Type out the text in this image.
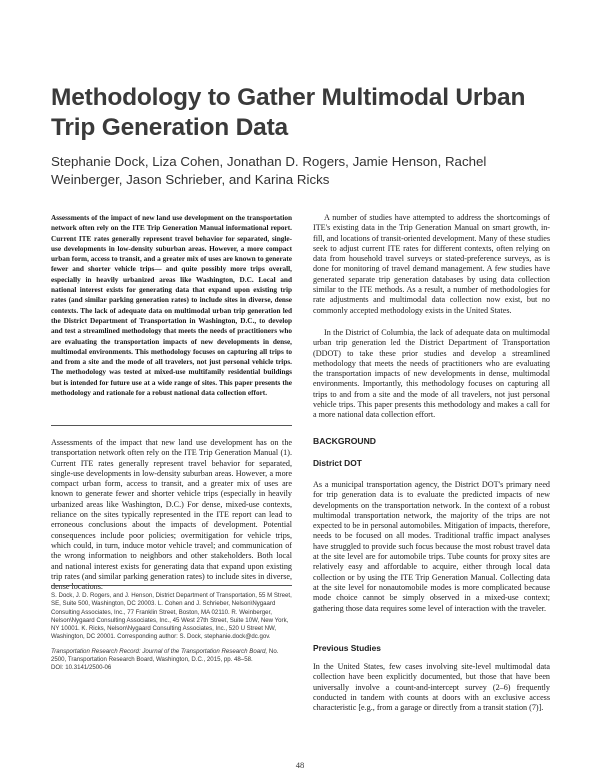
Methodology to Gather Multimodal Urban Trip Generation Data

Stephanie Dock, Liza Cohen, Jonathan D. Rogers, Jamie Henson, Rachel Weinberger, Jason Schrieber, and Karina Ricks

Assessments of the impact of new land use development on the transportation network often rely on the ITE Trip Generation Manual informational report. Current ITE rates generally represent travel behavior for separated, single-use developments in low-density suburban areas. However, a more compact urban form, access to transit, and a greater mix of uses are known to generate fewer and shorter vehicle trips— and quite possibly more trips overall, especially in heavily urbanized areas like Washington, D.C. Local and national interest exists for generating data that expand upon existing trip rates (and similar parking generation rates) to include sites in diverse, dense contexts. The lack of adequate data on multimodal urban trip generation led the District Department of Transportation in Washington, D.C., to develop and test a streamlined methodology that meets the needs of practitioners who are evaluating the transportation impacts of new developments in dense, multimodal environments. This methodology focuses on capturing all trips to and from a site and the mode of all travelers, not just personal vehicle trips. The methodology was tested at mixed-use multifamily residential buildings but is intended for future use at a wide range of sites. This paper presents the methodology and rationale for a robust national data collection effort.

Assessments of the impact that new land use development has on the transportation network often rely on the ITE Trip Generation Manual (1). Current ITE rates generally represent travel behavior for separated, single-use developments in low-density suburban areas. However, a more compact urban form, access to transit, and a greater mix of uses are known to generate fewer and shorter vehicle trips (especially in heavily urbanized areas like Washington, D.C.) For dense, mixed-use contexts, reliance on the sites typically represented in the ITE report can lead to erroneous conclusions about the impacts of development. Potential consequences include poor policies; overmitigation for vehicle trips, which could, in turn, induce motor vehicle travel; and communication of the wrong information to neighbors and other stakeholders. Both local and national interest exists for generating data that expand upon existing trip rates (and similar parking generation rates) to include sites in diverse, dense locations.

S. Dock, J. D. Rogers, and J. Henson, District Department of Transportation, 55 M Street, SE, Suite 500, Washington, DC 20003. L. Cohen and J. Schrieber, Nelson\Nygaard Consulting Associates, Inc., 77 Franklin Street, Boston, MA 02110. R. Weinberger, Nelson\Nygaard Consulting Associates, Inc., 45 West 27th Street, Suite 10W, New York, NY 10001. K. Ricks, Nelson\Nygaard Consulting Associates, Inc., 520 U Street NW, Washington, DC 20001. Corresponding author: S. Dock, stephanie.dock@dc.gov.

Transportation Research Record: Journal of the Transportation Research Board, No. 2500, Transportation Research Board, Washington, D.C., 2015, pp. 48–58.
DOI: 10.3141/2500-06

A number of studies have attempted to address the shortcomings of ITE's existing data in the Trip Generation Manual on smart growth, in-fill, and locations of transit-oriented development. Many of these studies seek to adjust current ITE rates for different contexts, often relying on data from household travel surveys or stated-preference surveys, as is done for monitoring of travel demand management. A few studies have generated separate trip generation databases by using data collection similar to the ITE methods. As a result, a number of methodologies for rate adjustments and multimodal data collection now exist, but no commonly accepted methodology exists in the United States.

In the District of Columbia, the lack of adequate data on multimodal urban trip generation led the District Department of Transportation (DDOT) to take these prior studies and develop a streamlined methodology that meets the needs of practitioners who are evaluating the transportation impacts of new developments in dense, multimodal environments. Importantly, this methodology focuses on capturing all trips to and from a site and the mode of all travelers, not just personal vehicle trips. This paper presents this methodology and makes a call for a more national data collection effort.

BACKGROUND

District DOT

As a municipal transportation agency, the District DOT's primary need for trip generation data is to evaluate the predicted impacts of new developments on the transportation network. In the context of a robust multimodal transportation network, the majority of the trips are not expected to be in personal automobiles. Mitigation of impacts, therefore, needs to be focused on all modes. Traditional traffic impact analyses have struggled to provide such focus because the most robust travel data at the site level are for automobile trips. Tube counts for proxy sites are relatively easy and affordable to acquire, either through local data collection or by using the ITE Trip Generation Manual. Collecting data at the site level for nonautomobile modes is more complicated because mode choice cannot be simply observed in a mixed-use context; gathering those data requires some level of interaction with the traveler.

Previous Studies

In the United States, few cases involving site-level multimodal data collection have been explicitly documented, but those that have been universally involve a count-and-intercept survey (2–6) frequently conducted in tandem with counts at doors with an exclusive access characteristic [e.g., from a garage or directly from a transit station (7)].

48
